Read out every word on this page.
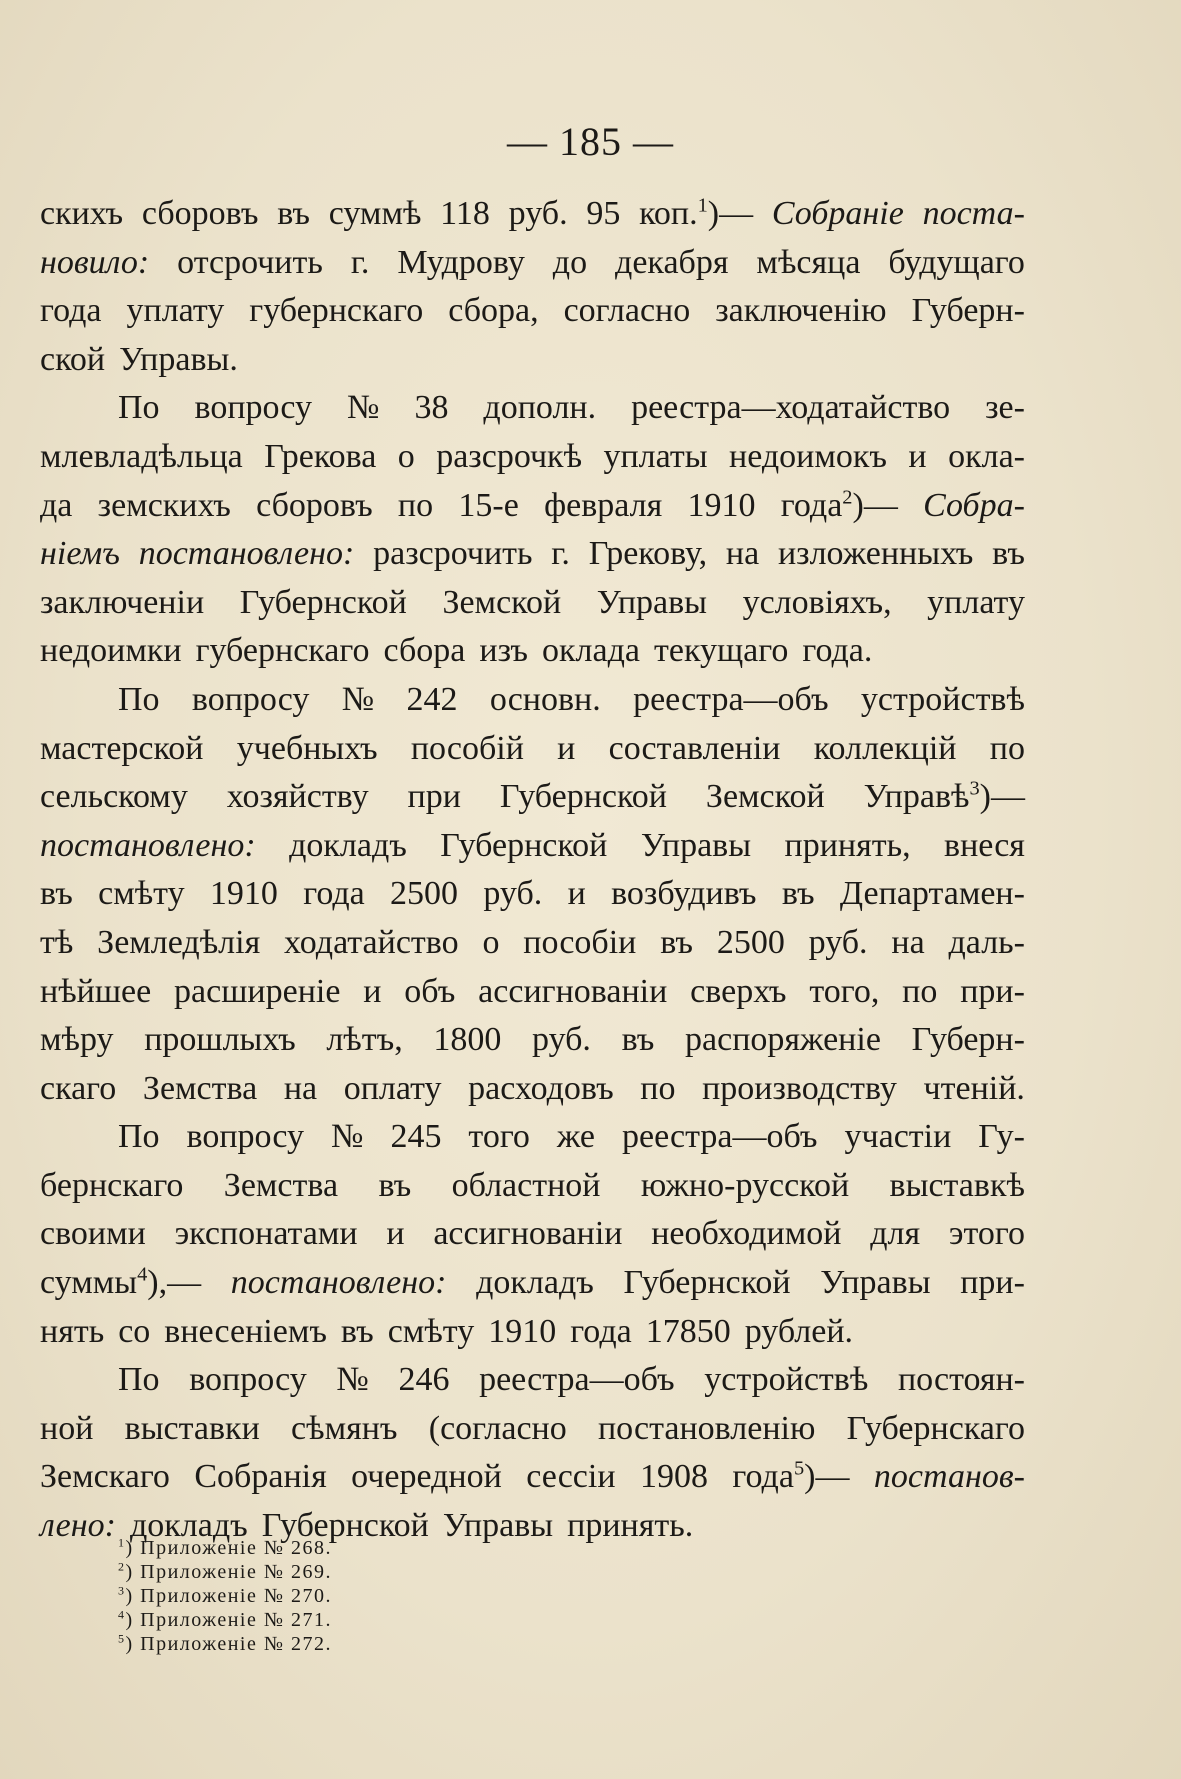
— 185 —
скихъ сборовъ въ суммѣ 118 руб. 95 коп.$^1$)— Собраніе поста-
новило: отсрочить г. Мудрову до декабря мѣсяца будущаго
года уплату губернскаго сбора, согласно заключенію Губерн-
ской Управы.
По вопросу № 38 дополн. реестра—ходатайство зе-
млевладѣльца Грекова о разсрочкѣ уплаты недоимокъ и окла-
да земскихъ сборовъ по 15-е февраля 1910 года$^2$)— Собра-
ніемъ постановлено: разсрочить г. Грекову, на изложенныхъ въ
заключеніи Губернской Земской Управы условіяхъ, уплату
недоимки губернскаго сбора изъ оклада текущаго года.
По вопросу № 242 основн. реестра—объ устройствѣ
мастерской учебныхъ пособій и составленіи коллекцій по
сельскому хозяйству при Губернской Земской Управѣ$^3$)—
постановлено: докладъ Губернской Управы принять, внеся
въ смѣту 1910 года 2500 руб. и возбудивъ въ Департамен-
тѣ Земледѣлія ходатайство о пособіи въ 2500 руб. на даль-
нѣйшее расширеніе и объ ассигнованіи сверхъ того, по при-
мѣру прошлыхъ лѣтъ, 1800 руб. въ распоряженіе Губерн-
скаго Земства на оплату расходовъ по производству чтеній.
По вопросу № 245 того же реестра—объ участіи Гу-
бернскаго Земства въ областной южно-русской выставкѣ
своими экспонатами и ассигнованіи необходимой для этого
суммы$^4$),— постановлено: докладъ Губернской Управы при-
нять со внесеніемъ въ смѣту 1910 года 17850 рублей.
По вопросу № 246 реестра—объ устройствѣ постоян-
ной выставки сѣмянъ (согласно постановленію Губернскаго
Земскаго Собранія очередной сессіи 1908 года$^5$)— постанов-
лено: докладъ Губернской Управы принять.
$^1$) Приложеніе № 268.
$^2$) Приложеніе № 269.
$^3$) Приложеніе № 270.
$^4$) Приложеніе № 271.
$^5$) Приложеніе № 272.
